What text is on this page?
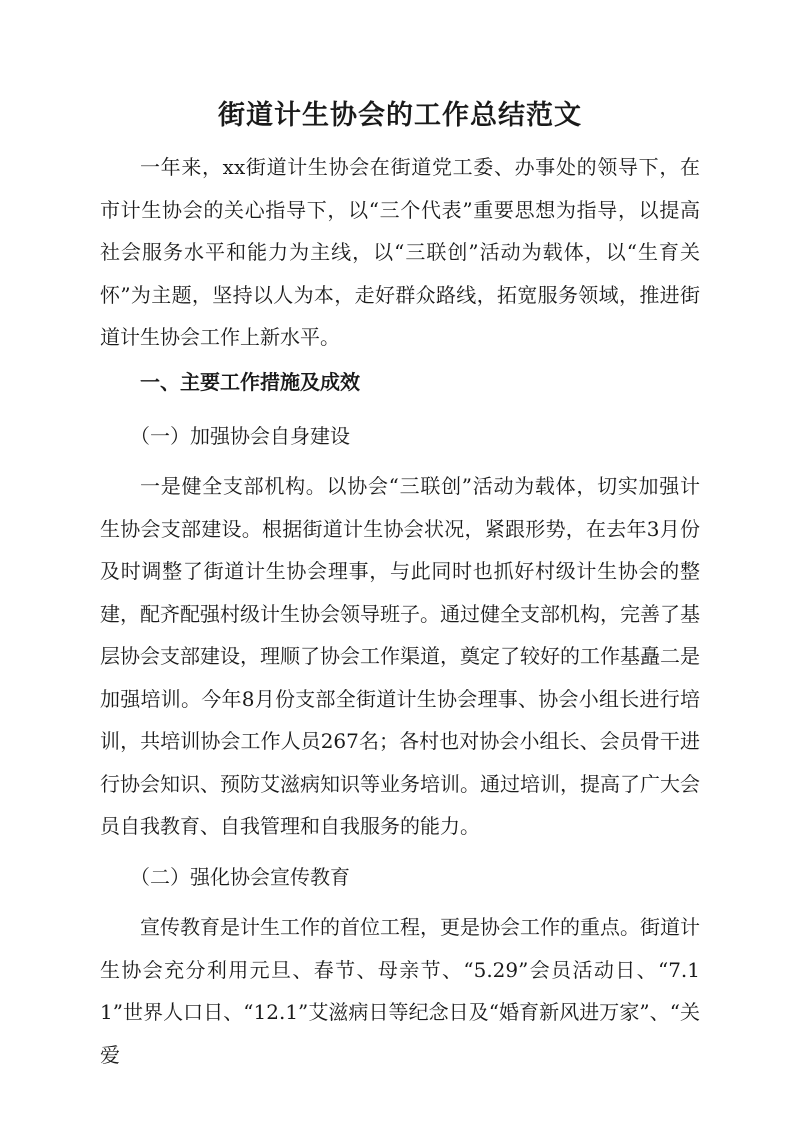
街道计生协会的工作总结范文

一年来，xx街道计生协会在街道党工委、办事处的领导下，在市计生协会的关心指导下，以“三个代表”重要思想为指导，以提高社会服务水平和能力为主线，以“三联创”活动为载体，以“生育关怀”为主题，坚持以人为本，走好群众路线，拓宽服务领域，推进街道计生协会工作上新水平。

一、主要工作措施及成效

（一）加强协会自身建设

一是健全支部机构。以协会“三联创”活动为载体，切实加强计生协会支部建设。根据街道计生协会状况，紧跟形势，在去年3月份及时调整了街道计生协会理事，与此同时也抓好村级计生协会的整建，配齐配强村级计生协会领导班子。通过健全支部机构，完善了基层协会支部建设，理顺了协会工作渠道，奠定了较好的工作基矗二是加强培训。今年8月份支部全街道计生协会理事、协会小组长进行培训，共培训协会工作人员267名；各村也对协会小组长、会员骨干进行协会知识、预防艾滋病知识等业务培训。通过培训，提高了广大会员自我教育、自我管理和自我服务的能力。

（二）强化协会宣传教育

宣传教育是计生工作的首位工程，更是协会工作的重点。街道计生协会充分利用元旦、春节、母亲节、“5.29”会员活动日、“7.11”世界人口日、“12.1”艾滋病日等纪念日及“婚育新风进万家”、“关爱
